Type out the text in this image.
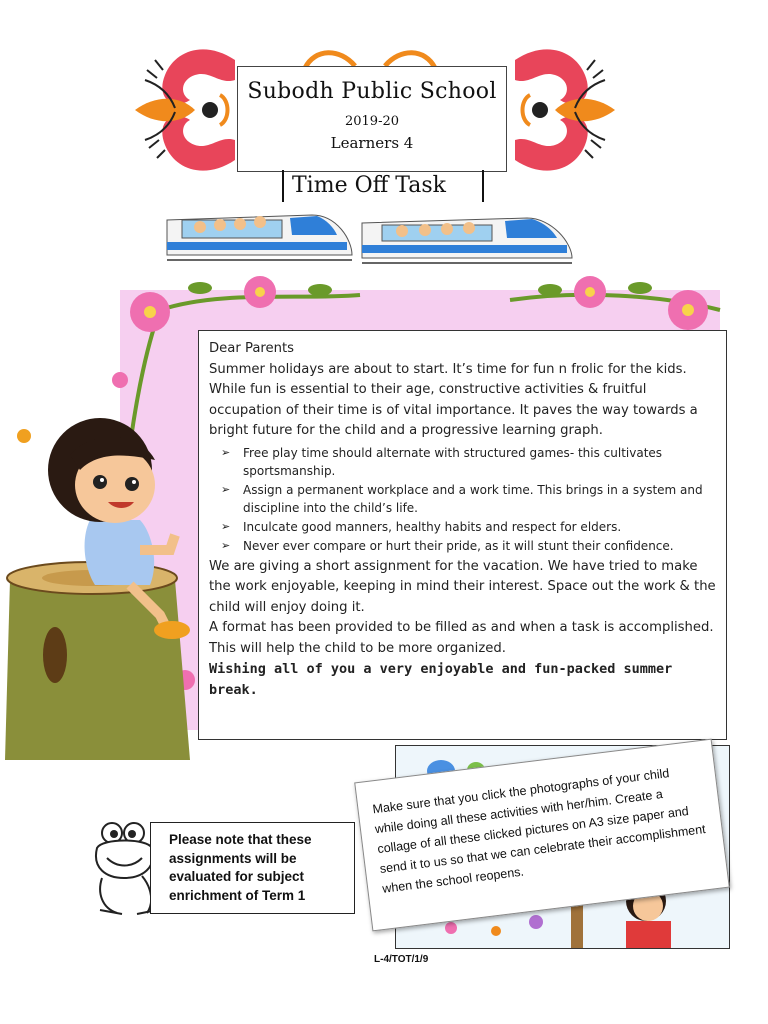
Subodh Public School
2019-20
Learners 4
Time Off Task

Dear Parents

Summer holidays are about to start. It’s time for fun n frolic for the kids. While fun is essential to their age, constructive activities & fruitful occupation of their time is of vital importance. It paves the way towards a bright future for the child and a progressive learning graph.

➢ Free play time should alternate with structured games- this cultivates sportsmanship.
➢ Assign a permanent workplace and a work time. This brings in a system and discipline into the child’s life.
➢ Inculcate good manners, healthy habits and respect for elders.
➢ Never ever compare or hurt their pride, as it will stunt their confidence.

We are giving a short assignment for the vacation. We have tried to make the work enjoyable, keeping in mind their interest. Space out the work & the child will enjoy doing it.

A format has been provided to be filled as and when a task is accomplished. This will help the child to be more organized.

Wishing all of you a very enjoyable and fun-packed summer break.

Make sure that you click the photographs of your child while doing all these activities with her/him. Create a collage of all these clicked pictures on A3 size paper and send it to us so that we can celebrate their accomplishment when the school reopens.

Please note that these assignments will be evaluated for subject enrichment of Term 1

L-4/TOT/1/9
